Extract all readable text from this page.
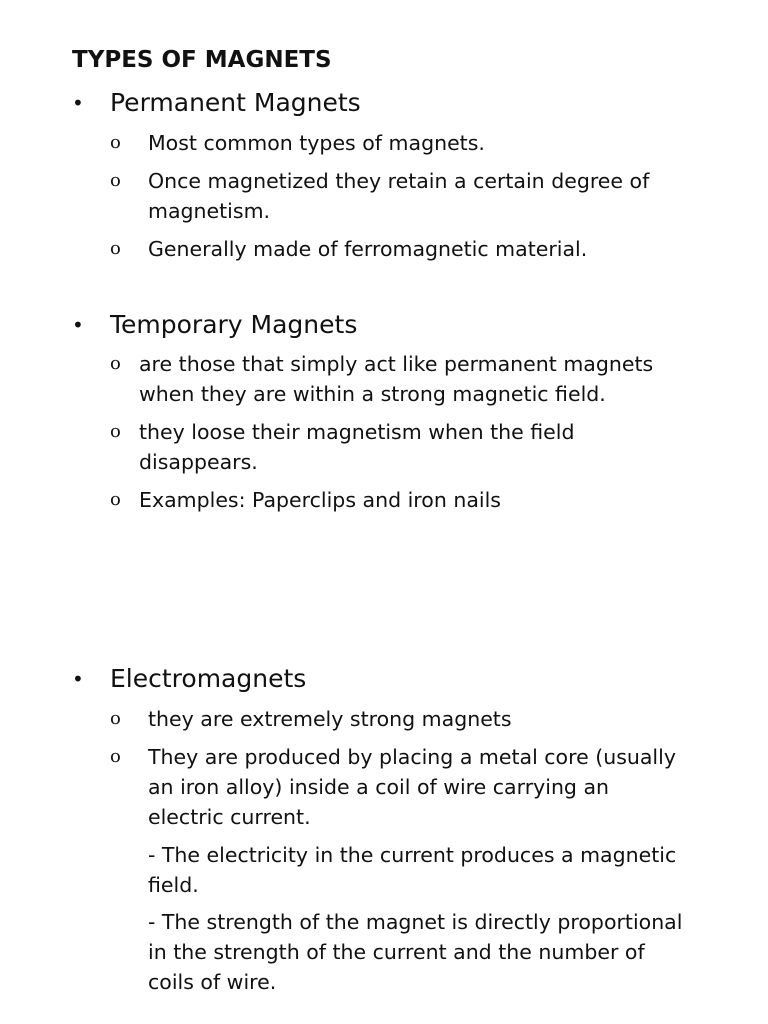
TYPES OF MAGNETS
• Permanent Magnets
o Most common types of magnets.
o Once magnetized they retain a certain degree of
magnetism.
o Generally made of ferromagnetic material.
• Temporary Magnets
o are those that simply act like permanent magnets
when they are within a strong magnetic field.
o they loose their magnetism when the field
disappears.
o Examples: Paperclips and iron nails
• Electromagnets
o they are extremely strong magnets
o They are produced by placing a metal core (usually
an iron alloy) inside a coil of wire carrying an
electric current.
- The electricity in the current produces a magnetic
field.
- The strength of the magnet is directly proportional
in the strength of the current and the number of
coils of wire.
